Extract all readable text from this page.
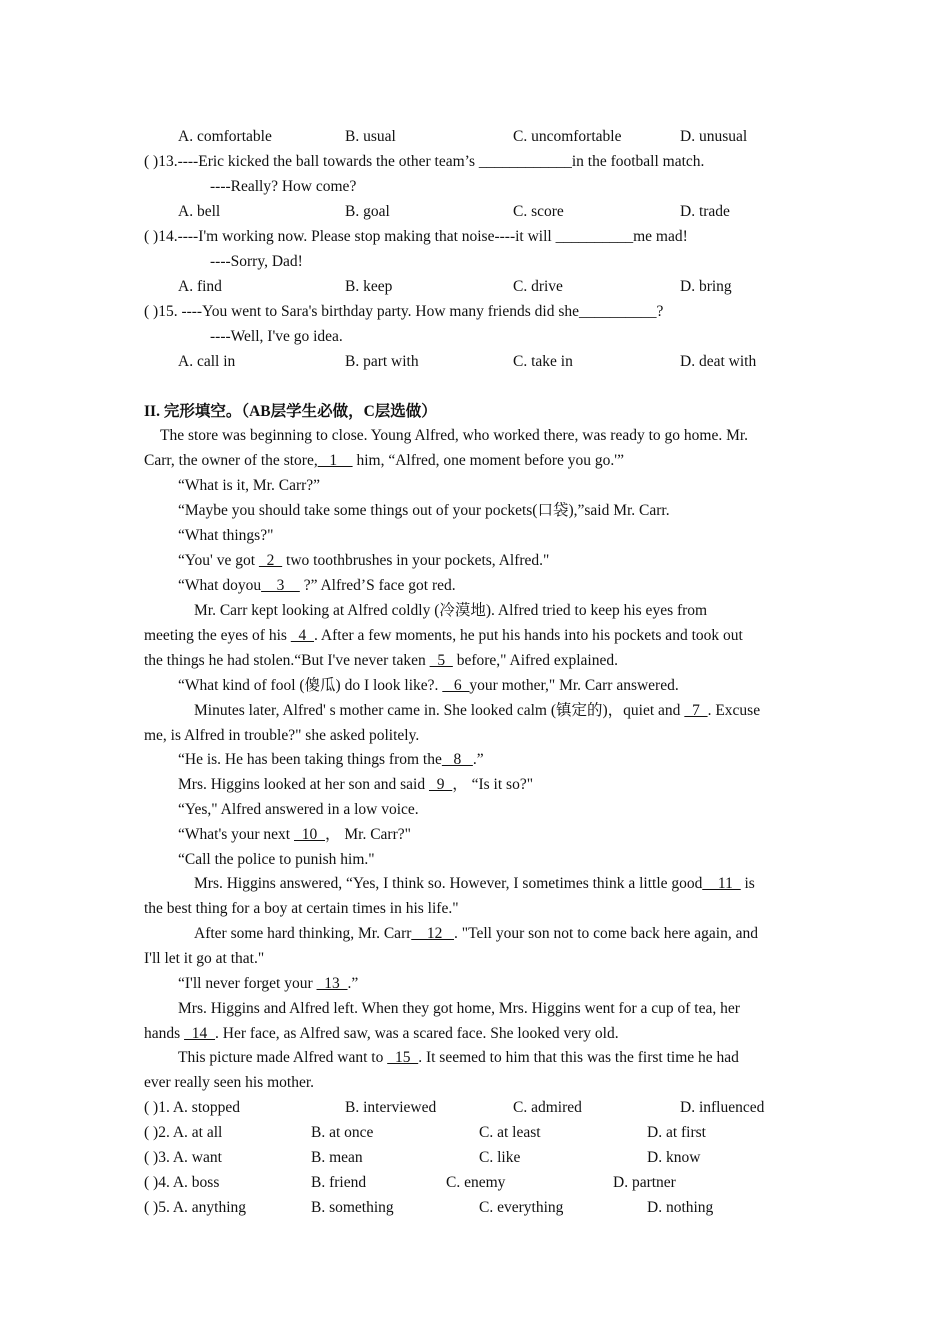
A. comfortable	B. usual	C. uncomfortable	D. unusual
( )13.----Eric kicked the ball towards the other team’s ____________in the football match.
----Really? How come?
A. bell	B. goal	C. score	D. trade
( )14.----I'm working now. Please stop making that noise----it will __________me mad!
----Sorry, Dad!
A. find	B. keep	C. drive	D. bring
( )15. ----You went to Sara's birthday party. How many friends did she__________?
----Well, I've go idea.
A. call in	B. part with	C. take in	D. deat with
II. 完形填空。（AB层学生必做，C层选做）
The store was beginning to close. Young Alfred, who worked there, was ready to go home. Mr.
Carr, the owner of the store,   1     him, “Alfred, one moment before you go.'”
“What is it, Mr. Carr?”
“Maybe you should take some things out of your pockets(口袋),”said Mr. Carr.
“What things?"
“You' ve got   2   two toothbrushes in your pockets, Alfred."
“What doyou    3     ?” Alfred’S face got red.
Mr. Carr kept looking at Alfred coldly (冷漠地). Alfred tried to keep his eyes from
meeting the eyes of his   4  . After a few moments, he put his hands into his pockets and took out
the things he had stolen.“But I've never taken   5   before," Aifred explained.
“What kind of fool (傻瓜) do I look like?.    6  your mother," Mr. Carr answered.
Minutes later, Alfred' s mother came in. She looked calm (镇定的)，quiet and   7  . Excuse
me, is Alfred in trouble?" she asked politely.
“He is. He has been taking things from the   8   .”
Mrs. Higgins looked at her son and said   9  ， “Is it so?"
“Yes," Alfred answered in a low voice.
“What's your next   10  ， Mr. Carr?"
“Call the police to punish him."
Mrs. Higgins answered, “Yes, I think so. However, I sometimes think a little good__11_ is
the best thing for a boy at certain times in his life."
After some hard thinking, Mr. Carr__12_ . "Tell your son not to come back here again, and
I'll let it go at that."
“I'll never forget your   13  .”
Mrs. Higgins and Alfred left. When they got home, Mrs. Higgins went for a cup of tea, her
hands   14  . Her face, as Alfred saw, was a scared face. She looked very old.
This picture made Alfred want to   15  . It seemed to him that this was the first time he had
ever really seen his mother.
( )1. A. stopped	B. interviewed	C. admired	D. influenced
( )2. A. at all	B. at once	C. at least	D. at first
( )3. A. want	B. mean	C. like	D. know
( )4. A. boss	B. friend	C. enemy	D. partner
( )5. A. anything	B. something	C. everything	D. nothing
